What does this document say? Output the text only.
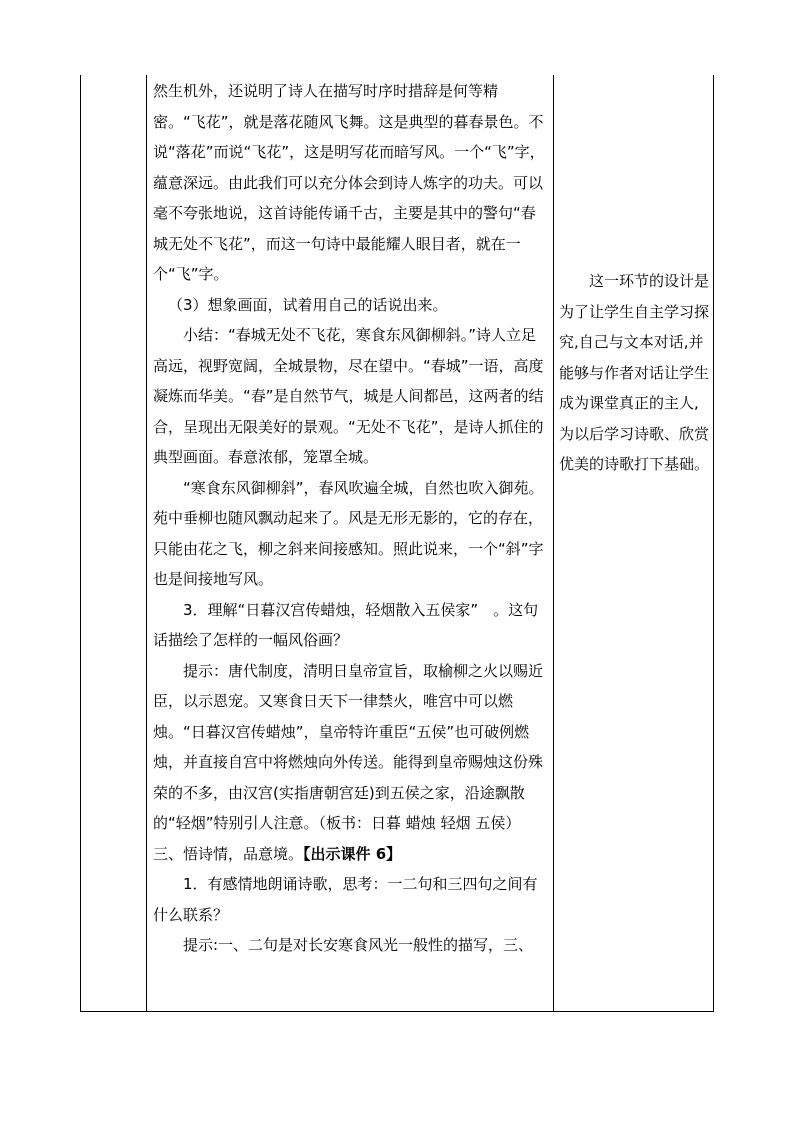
然生机外，还说明了诗人在描写时序时措辞是何等精密。“飞花”，就是落花随风飞舞。这是典型的暮春景色。不说“落花”而说“飞花”，这是明写花而暗写风。一个“飞”字，蕴意深远。由此我们可以充分体会到诗人炼字的功夫。可以毫不夸张地说，这首诗能传诵千古，主要是其中的警句“春城无处不飞花”，而这一句诗中最能耀人眼目者，就在一个“飞”字。

（3）想象画面，试着用自己的话说出来。

小结：“春城无处不飞花，寒食东风御柳斜。”诗人立足高远，视野宽阔，全城景物，尽在望中。“春城”一语，高度凝炼而华美。“春”是自然节气，城是人间都邑，这两者的结合，呈现出无限美好的景观。“无处不飞花”，是诗人抓住的典型画面。春意浓郁，笼罩全城。

“寒食东风御柳斜”，春风吹遍全城，自然也吹入御苑。苑中垂柳也随风飘动起来了。风是无形无影的，它的存在，只能由花之飞，柳之斜来间接感知。照此说来，一个“斜”字也是间接地写风。

3．理解“日暮汉宫传蜡烛，轻烟散入五侯家”　。这句话描绘了怎样的一幅风俗画？

提示：唐代制度，清明日皇帝宣旨，取榆柳之火以赐近臣，以示恩宠。又寒食日天下一律禁火，唯宫中可以燃烛。“日暮汉宫传蜡烛”，皇帝特许重臣“五侯”也可破例燃烛，并直接自宫中将燃烛向外传送。能得到皇帝赐烛这份殊荣的不多，由汉宫(实指唐朝宫廷)到五侯之家，沿途飘散的“轻烟”特别引人注意。（板书：日暮 蜡烛 轻烟 五侯）

三、悟诗情，品意境。【出示课件 6】

1．有感情地朗诵诗歌，思考：一二句和三四句之间有什么联系？

提示:一、二句是对长安寒食风光一般性的描写，三、

这一环节的设计是为了让学生自主学习探究,自己与文本对话,并能够与作者对话让学生成为课堂真正的主人,为以后学习诗歌、欣赏优美的诗歌打下基础。
